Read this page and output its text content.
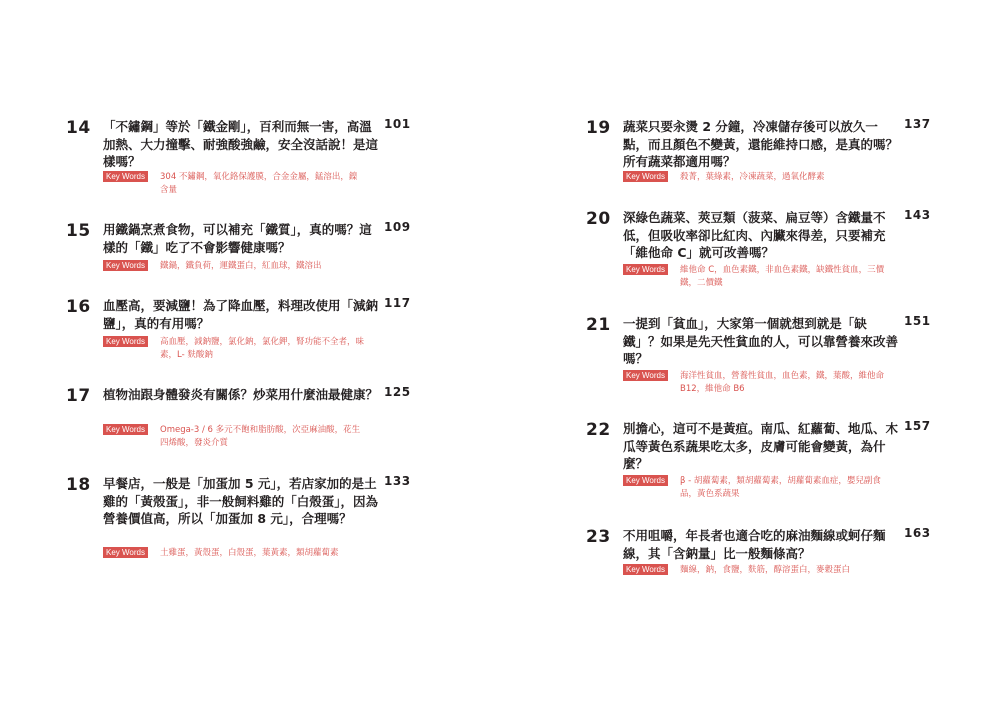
14 「不鏽鋼」等於「鐵金剛」，百利而無一害，高溫加熱、大力撞擊、耐強酸強鹼，安全沒話說！是這樣嗎？
101
Key Words	304 不鏽鋼，氧化鉻保護膜，合金金屬，錳溶出，鎳含量
15 用鐵鍋烹煮食物，可以補充「鐵質」，真的嗎？這樣的「鐵」吃了不會影響健康嗎？
109
Key Words	鐵鍋，鐵負荷，運鐵蛋白，紅血球，鐵溶出
16 血壓高，要減鹽！為了降血壓，料理改使用「減鈉鹽」，真的有用嗎？
117
Key Words	高血壓，減鈉鹽，氯化鈉，氯化鉀，腎功能不全者，味素，L- 麩酸鈉
17 植物油跟身體發炎有關係？炒菜用什麼油最健康？ 125
Key Words	Omega-3 / 6 多元不飽和脂肪酸，次亞麻油酸，花生四烯酸，發炎介質
18 早餐店，一般是「加蛋加 5 元」，若店家加的是土雞的「黃殼蛋」，非一般飼料雞的「白殼蛋」，因為營養價值高，所以「加蛋加 8 元」，合理嗎？
133
Key Words	土雞蛋，黃殼蛋，白殼蛋，葉黃素，類胡蘿蔔素
19 蔬菜只要汆燙 2 分鐘，冷凍儲存後可以放久一點，而且顏色不變黃，還能維持口感，是真的嗎？所有蔬菜都適用嗎？
137
Key Words	殺菁，葉綠素，冷凍蔬菜，過氧化酵素
20 深綠色蔬菜、莢豆類（菠菜、扁豆等）含鐵量不低，但吸收率卻比紅肉、內臟來得差，只要補充「維他命 C」就可改善嗎？
143
Key Words	維他命 C，血色素鐵，非血色素鐵，缺鐵性貧血，三價鐵，二價鐵
21 一提到「貧血」，大家第一個就想到就是「缺鐵」？如果是先天性貧血的人，可以靠營養來改善嗎？
151
Key Words	海洋性貧血，營養性貧血，血色素，鐵，葉酸，維他命 B12，維他命 B6
22 別擔心，這可不是黃疸。南瓜、紅蘿蔔、地瓜、木瓜等黃色系蔬果吃太多，皮膚可能會變黃，為什麼？
157
Key Words	β - 胡蘿蔔素，類胡蘿蔔素，胡蘿蔔素血症，嬰兒副食品，黃色系蔬果
23 不用咀嚼，年長者也適合吃的麻油麵線或蚵仔麵線，其「含鈉量」比一般麵條高？
163
Key Words	麵線，鈉，食鹽，麩筋，醇溶蛋白，麥穀蛋白
